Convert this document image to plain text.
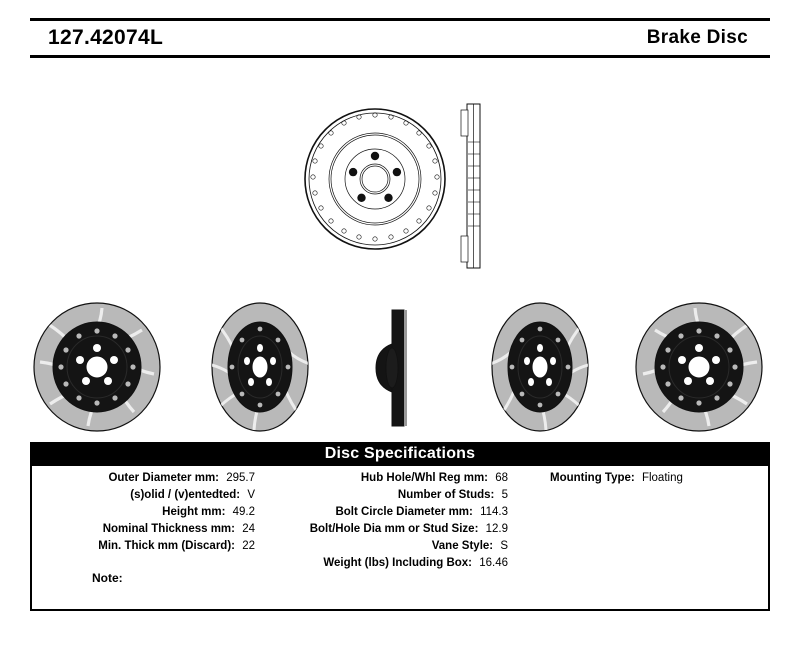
127.42074L	Brake Disc
Disc Specifications
Outer Diameter mm: 295.7
(s)olid / (v)entedted: V
Height mm: 49.2
Nominal Thickness mm: 24
Min. Thick mm (Discard): 22
Hub Hole/Whl Reg mm: 68
Number of Studs: 5
Bolt Circle Diameter mm: 114.3
Bolt/Hole Dia mm or Stud Size: 12.9
Vane Style: S
Weight (lbs) Including Box: 16.46
Mounting Type: Floating
Note:
